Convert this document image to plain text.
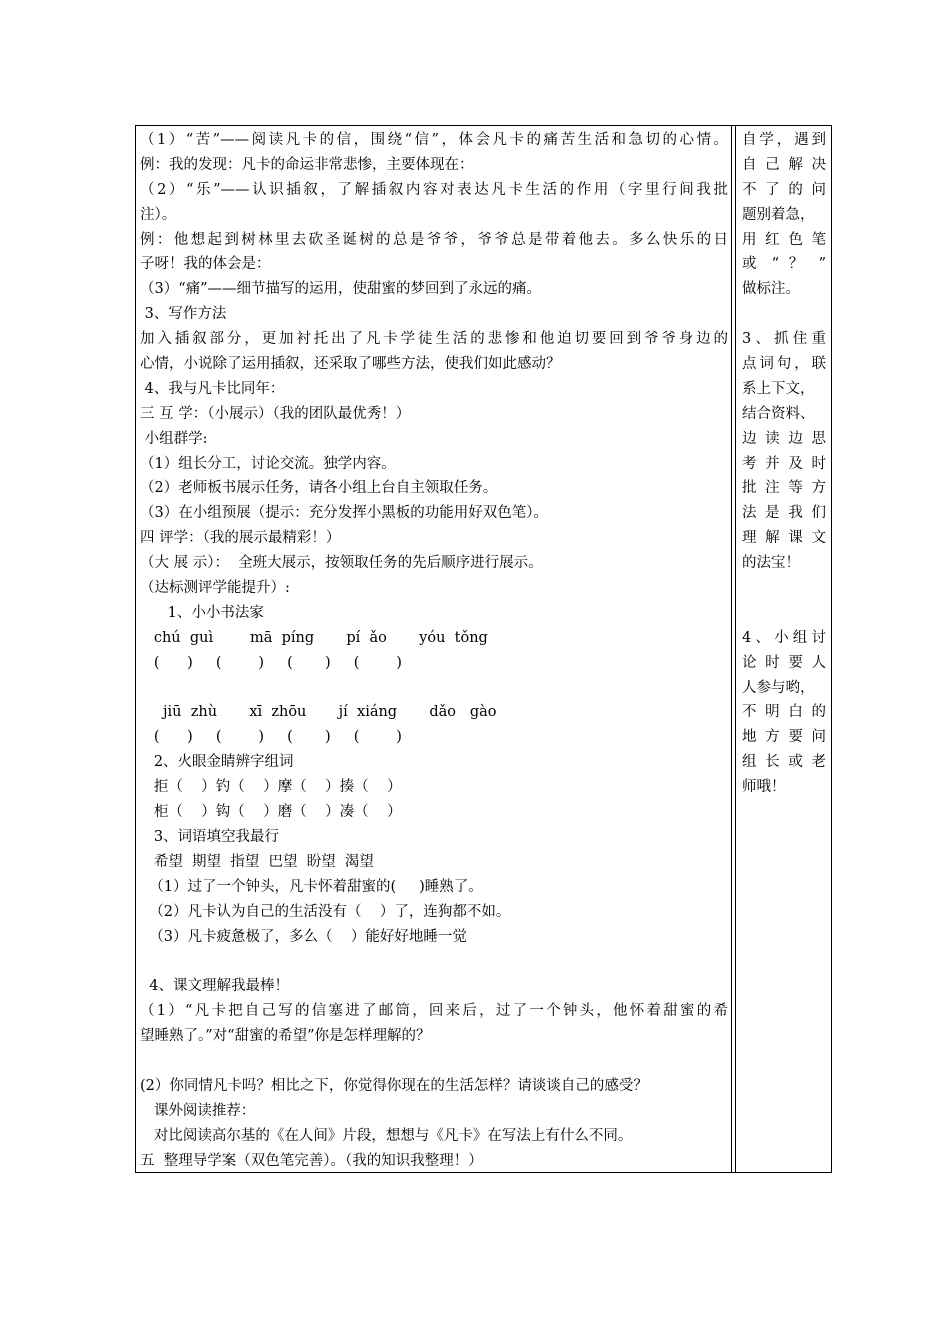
（1）“苦”——阅读凡卡的信，围绕“信”，体会凡卡的痛苦生活和急切的心情。
例：我的发现：凡卡的命运非常悲惨，主要体现在：
（2）“乐”——认识插叙，了解插叙内容对表达凡卡生活的作用（字里行间我批
注）。
例：他想起到树林里去砍圣诞树的总是爷爷，爷爷总是带着他去。多么快乐的日
子呀！我的体会是：
（3）“痛”——细节描写的运用，使甜蜜的梦回到了永远的痛。
3、写作方法
加入插叙部分，更加衬托出了凡卡学徒生活的悲惨和他迫切要回到爷爷身边的
心情，小说除了运用插叙，还采取了哪些方法，使我们如此感动？
4、我与凡卡比同年：
三 互 学：（小展示）（我的团队最优秀！）
小组群学:
（1）组长分工，讨论交流。独学内容。
（2）老师板书展示任务，请各小组上台自主领取任务。
（3）在小组预展（提示：充分发挥小黑板的功能用好双色笔）。
四 评学：（我的展示最精彩！）
（大 展 示）：  全班大展示，按领取任务的先后顺序进行展示。
（达标测评学能提升）:
1、小小书法家
chú  guì        mā  píng       pí  ǎo       yóu  tǒng
(      )     (        )     (       )     (        )
jiū  zhù       xī  zhōu       jí  xiáng       dǎo   gào
(      )     (        )     (       )     (        )
2、火眼金睛辨字组词
拒（    ）钓（    ）摩（    ）揍（    ）
柜（    ）钩（    ）磨（    ）凑（    ）
3、词语填空我最行
希望  期望  指望  巴望  盼望  渴望
（1）过了一个钟头，凡卡怀着甜蜜的(     )睡熟了。
（2）凡卡认为自己的生活没有（    ）了，连狗都不如。
（3）凡卡疲惫极了，多么（    ）能好好地睡一觉
4、课文理解我最棒！
（1）“凡卡把自己写的信塞进了邮筒，回来后，过了一个钟头，他怀着甜蜜的希
望睡熟了。”对“甜蜜的希望”你是怎样理解的？
(2）你同情凡卡吗？相比之下，你觉得你现在的生活怎样？请谈谈自己的感受？
课外阅读推荐：
对比阅读高尔基的《在人间》片段，想想与《凡卡》在写法上有什么不同。
五  整理导学案（双色笔完善）。（我的知识我整理！）
自学，遇到
自 己 解 决
不 了 的 问
题别着急，
用 红 色 笔
或 “ ？ ”
做标注。
3、抓住重
点词句，联
系上下文，
结合资料、
边 读 边 思
考 并 及 时
批 注 等 方
法 是 我 们
理 解 课 文
的法宝！
4、小组讨
论 时 要 人
人参与哟，
不 明 白 的
地 方 要 问
组 长 或 老
师哦！
